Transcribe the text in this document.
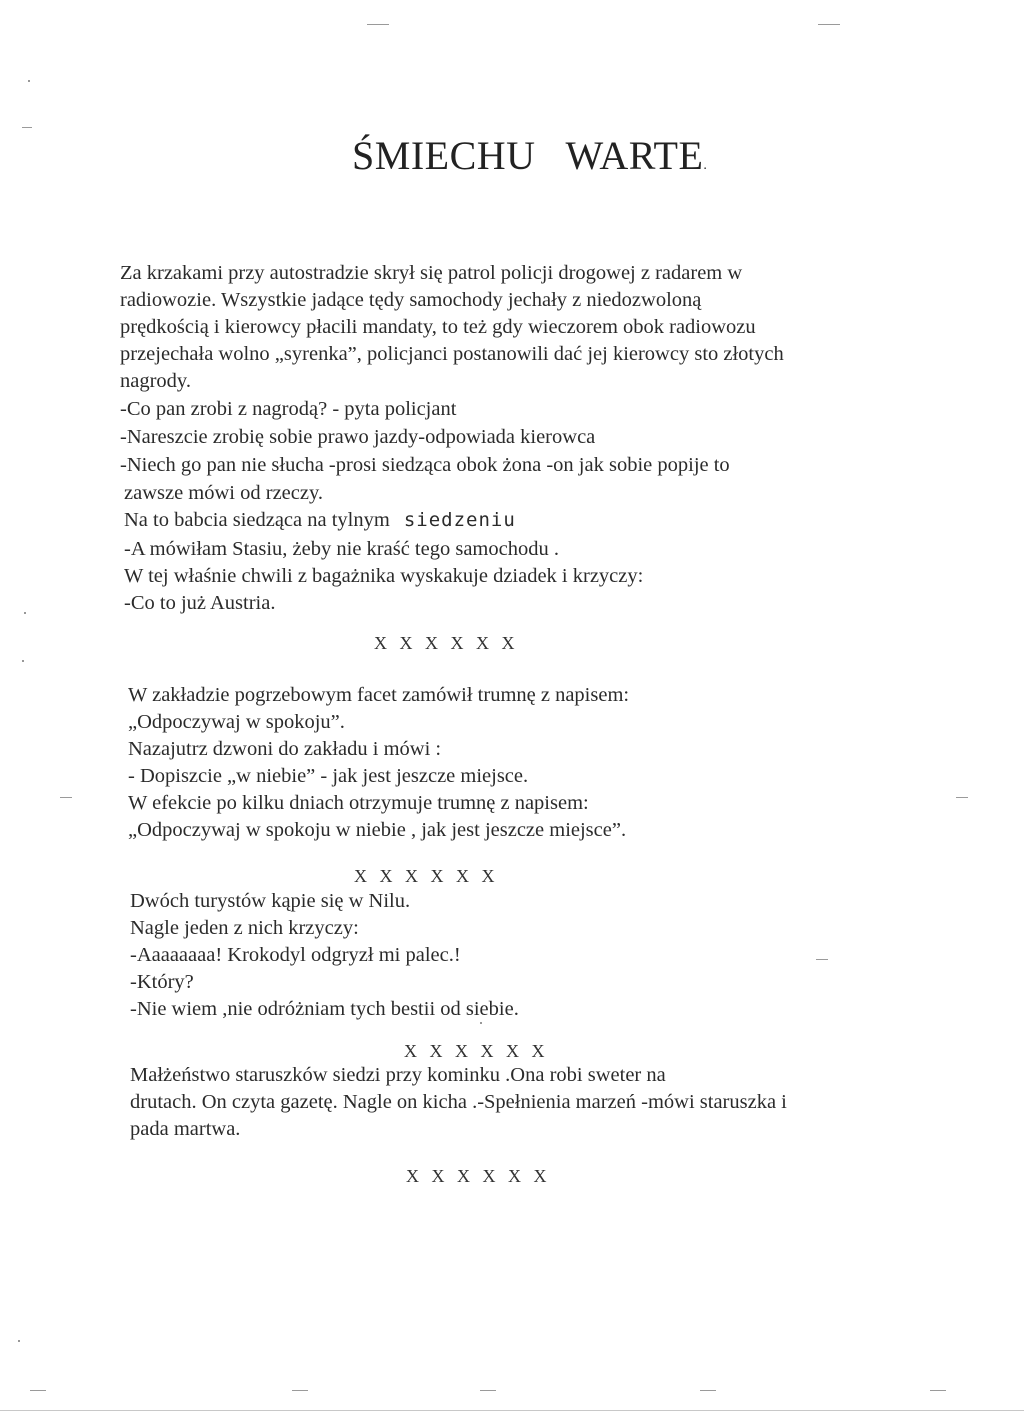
ŚMIECHU WARTE.
Za krzakami przy autostradzie skrył się patrol policji drogowej z radarem w
radiowozie. Wszystkie jadące tędy samochody jechały z niedozwoloną
prędkością i kierowcy płacili mandaty, to też gdy wieczorem obok radiowozu
przejechała wolno „syrenka”, policjanci postanowili dać jej kierowcy sto złotych
nagrody.
-Co pan zrobi z nagrodą? - pyta policjant
-Nareszcie zrobię sobie prawo jazdy-odpowiada kierowca
-Niech go pan nie słucha -prosi siedząca obok żona -on jak sobie popije to
zawsze mówi od rzeczy.
Na to babcia siedząca na tylnym siedzeniu
-A mówiłam Stasiu, żeby nie kraść tego samochodu .
W tej właśnie chwili z bagażnika wyskakuje dziadek i krzyczy:
-Co to już Austria.
X X X X X X
W zakładzie pogrzebowym facet zamówił trumnę z napisem:
„Odpoczywaj w spokoju”.
Nazajutrz dzwoni do zakładu i mówi :
- Dopiszcie „w niebie” - jak jest jeszcze miejsce.
W efekcie po kilku dniach otrzymuje trumnę z napisem:
„Odpoczywaj w spokoju w niebie , jak jest jeszcze miejsce”.
X X X X X X
Dwóch turystów kąpie się w Nilu.
Nagle jeden z nich krzyczy:
-Aaaaaaaa! Krokodyl odgryzł mi palec.!
-Który?
-Nie wiem ,nie odróżniam tych bestii od siebie.
X X X X X X
Małżeństwo staruszków siedzi przy kominku .Ona robi sweter na
drutach. On czyta gazetę. Nagle on kicha .-Spełnienia marzeń -mówi staruszka i
pada martwa.
X X X X X X
